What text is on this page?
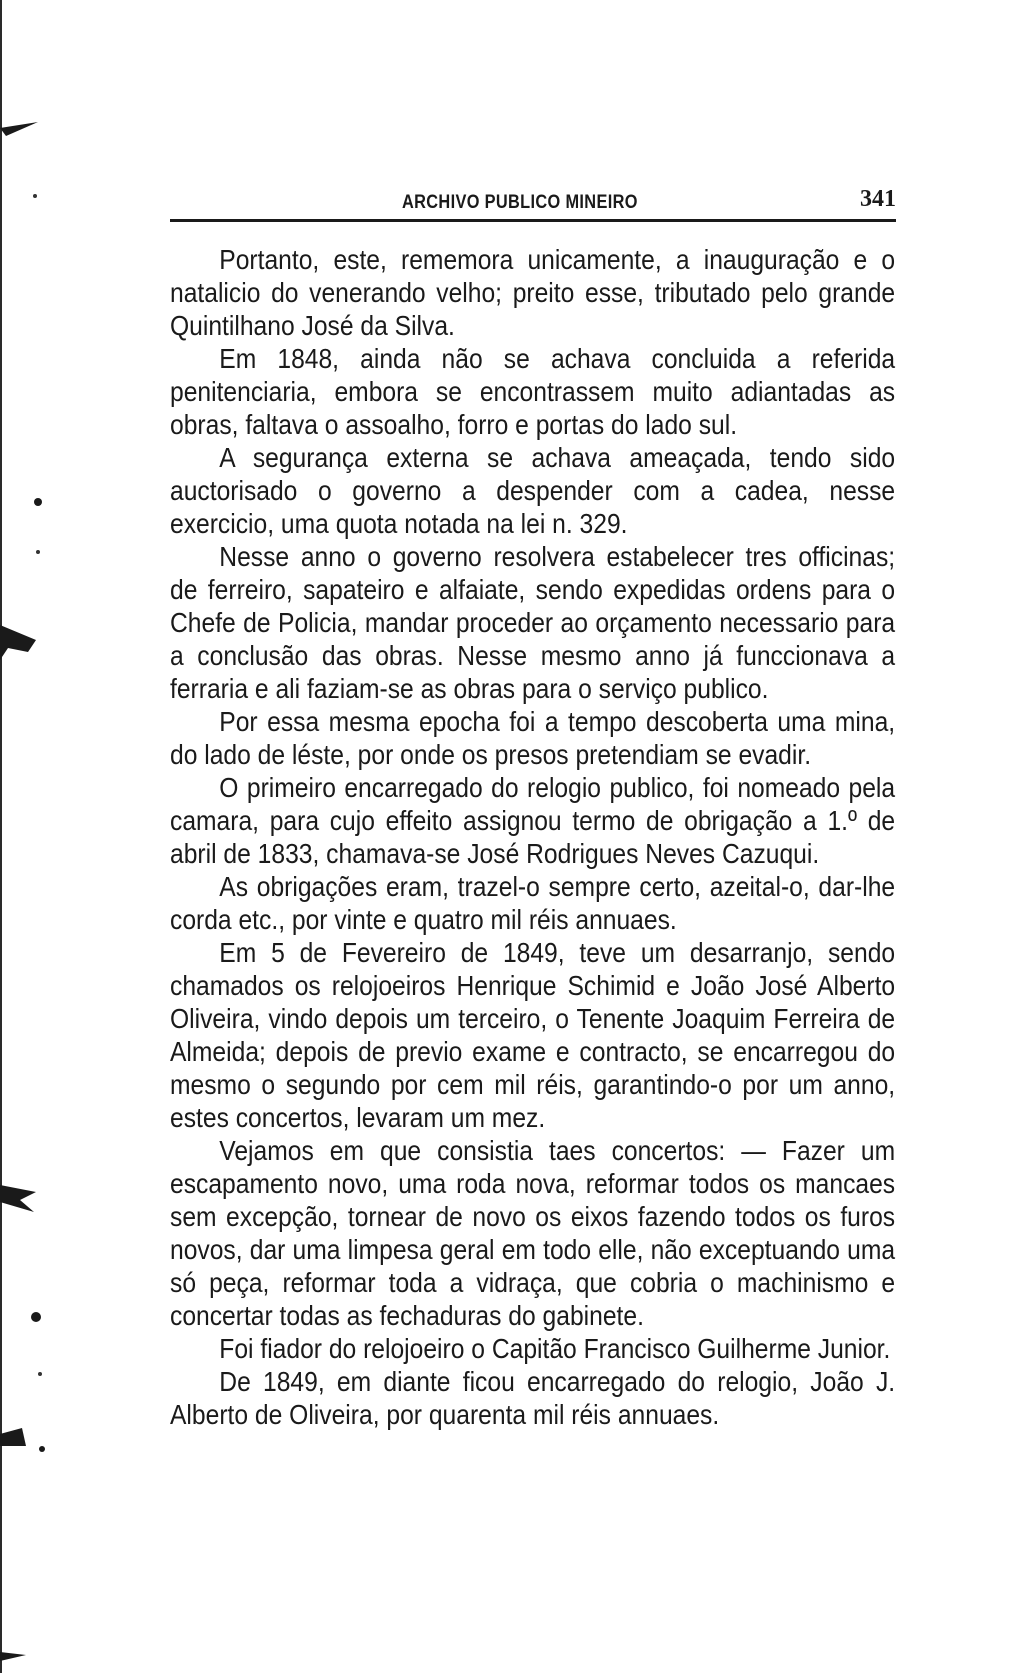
ARCHIVO PUBLICO MINEIRO	341

Portanto, este, rememora unicamente, a inauguração e o natalicio do venerando velho; preito esse, tributado pelo grande Quintilhano José da Silva.

Em 1848, ainda não se achava concluida a referida penitenciaria, embora se encontrassem muito adiantadas as obras, faltava o assoalho, forro e portas do lado sul.

A segurança externa se achava ameaçada, tendo sido auctorisado o governo a despender com a cadea, nesse exercicio, uma quota notada na lei n. 329.

Nesse anno o governo resolvera estabelecer tres officinas; de ferreiro, sapateiro e alfaiate, sendo expedidas ordens para o Chefe de Policia, mandar proceder ao orçamento necessario para a conclusão das obras. Nesse mesmo anno já funccionava a ferraria e ali faziam-se as obras para o serviço publico.

Por essa mesma epocha foi a tempo descoberta uma mina, do lado de léste, por onde os presos pretendiam se evadir.

O primeiro encarregado do relogio publico, foi nomeado pela camara, para cujo effeito assignou termo de obrigação a 1.º de abril de 1833, chamava-se José Rodrigues Neves Cazuqui.

As obrigações eram, trazel-o sempre certo, azeital-o, dar-lhe corda etc., por vinte e quatro mil réis annuaes.

Em 5 de Fevereiro de 1849, teve um desarranjo, sendo chamados os relojoeiros Henrique Schimid e João José Alberto Oliveira, vindo depois um terceiro, o Tenente Joaquim Ferreira de Almeida; depois de previo exame e contracto, se encarregou do mesmo o segundo por cem mil réis, garantindo-o por um anno, estes concertos, levaram um mez.

Vejamos em que consistia taes concertos: — Fazer um escapamento novo, uma roda nova, reformar todos os mancaes sem excepção, tornear de novo os eixos fazendo todos os furos novos, dar uma limpesa geral em todo elle, não exceptuando uma só peça, reformar toda a vidraça, que cobria o machinismo e concertar todas as fechaduras do gabinete.

Foi fiador do relojoeiro o Capitão Francisco Guilherme Junior.

De 1849, em diante ficou encarregado do relogio, João J. Alberto de Oliveira, por quarenta mil réis annuaes.
